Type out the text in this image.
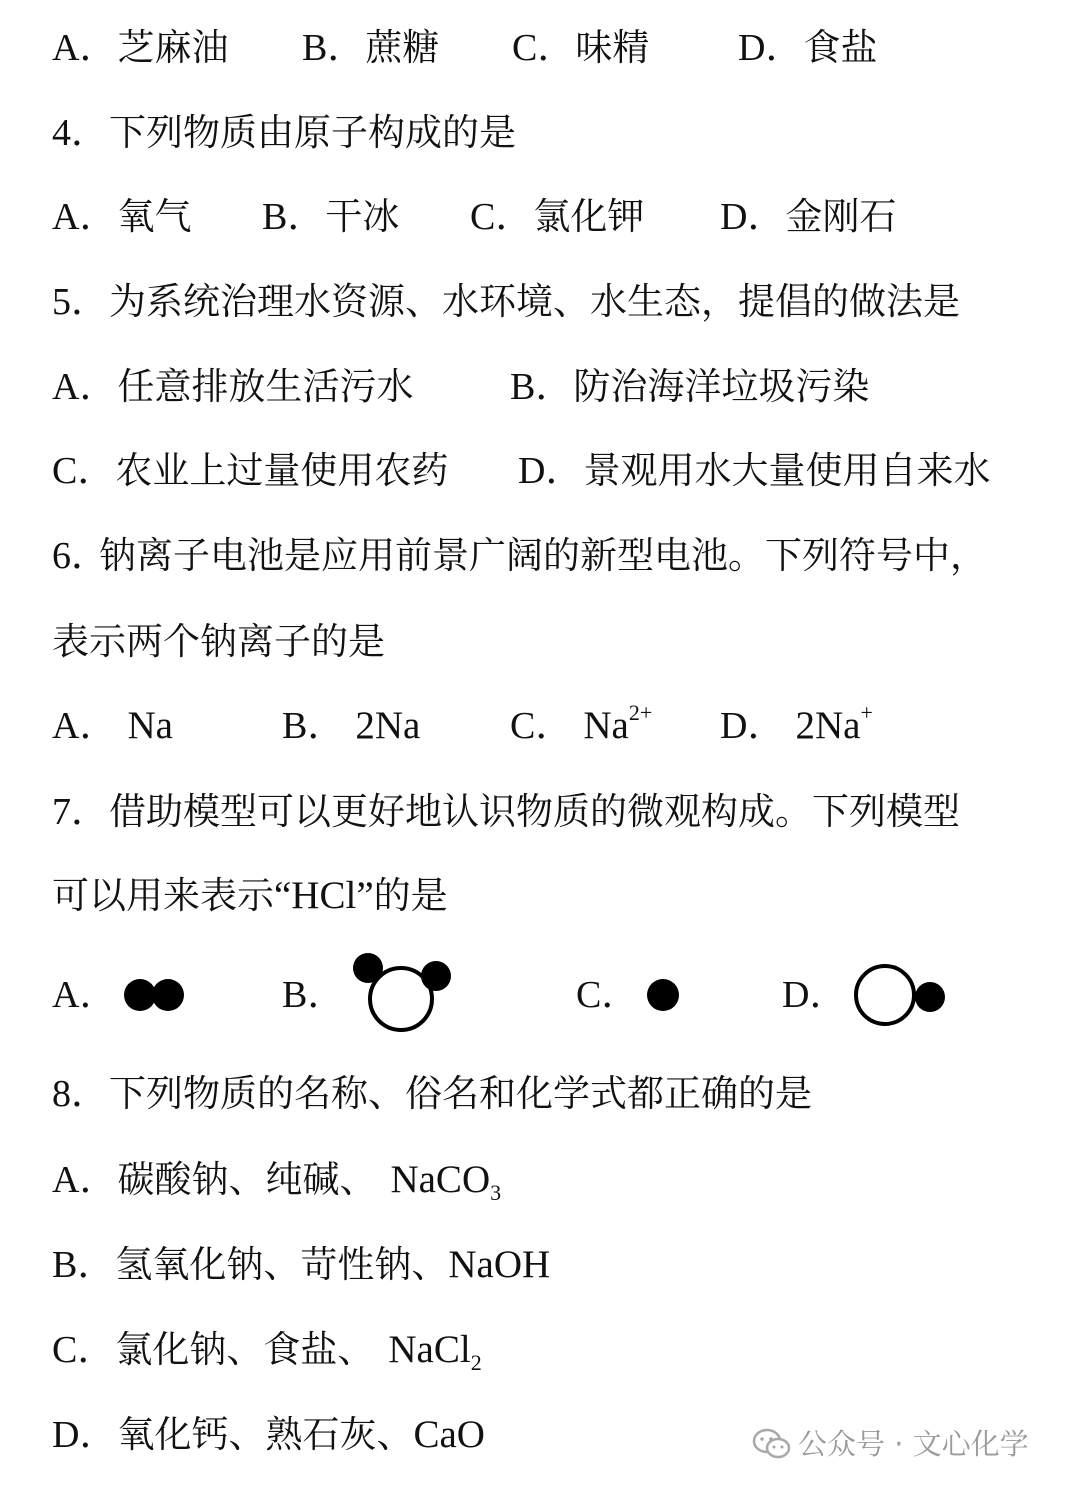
A．芝麻油 B．蔗糖 C．味精 D．食盐
4．下列物质由原子构成的是
A．氧气 B．干冰 C．氯化钾 D．金刚石
5．为系统治理水资源、水环境、水生态，提倡的做法是
A．任意排放生活污水	B．防治海洋垃圾污染
C．农业上过量使用农药 D．景观用水大量使用自来水
6．钠离子电池是应用前景广阔的新型电池。下列符号中，
表示两个钠离子的是
A． Na	B． 2Na C． $Na^{2+}$ D． 2Na+
7．借助模型可以更好地认识物质的微观构成。下列模型
可以用来表示“HCl”的是
A．	B．	C．	D．
8．下列物质的名称、俗名和化学式都正确的是
A．碳酸钠、纯碱、 NaCO$_3$
B．氢氧化钠、苛性钠、NaOH
C．氯化钠、食盐、 NaCl$_2$
D．氧化钙、熟石灰、CaO	公众号 · 文心化学
